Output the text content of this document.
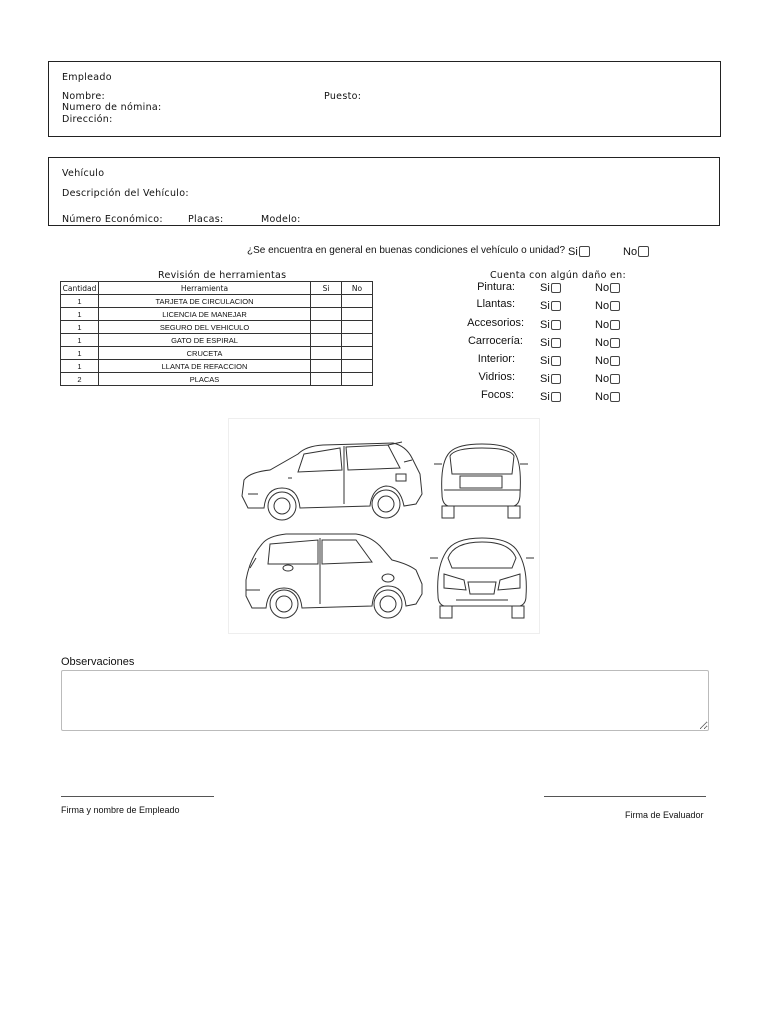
Empleado
Nombre:	Puesto:
Numero de nómina:
Dirección:
Vehículo
Descripción del Vehículo:
Número Económico:	Placas:	Modelo:
¿Se encuentra en general en buenas condiciones el vehículo o unidad? Si	No
Revisión de herramientas
Cantidad	Herramienta	Si	No
1	TARJETA DE CIRCULACION		
1	LICENCIA DE MANEJAR		
1	SEGURO DEL VEHICULO		
1	GATO DE ESPIRAL		
1	CRUCETA		
1	LLANTA DE REFACCION		
2	PLACAS		
Cuenta con algún daño en:
Pintura: Si	No
Llantas: Si	No
Accesorios: Si	No
Carrocería: Si	No
Interior: Si	No
Vidrios: Si	No
Focos: Si	No
Observaciones
Firma y nombre de Empleado	Firma de Evaluador
